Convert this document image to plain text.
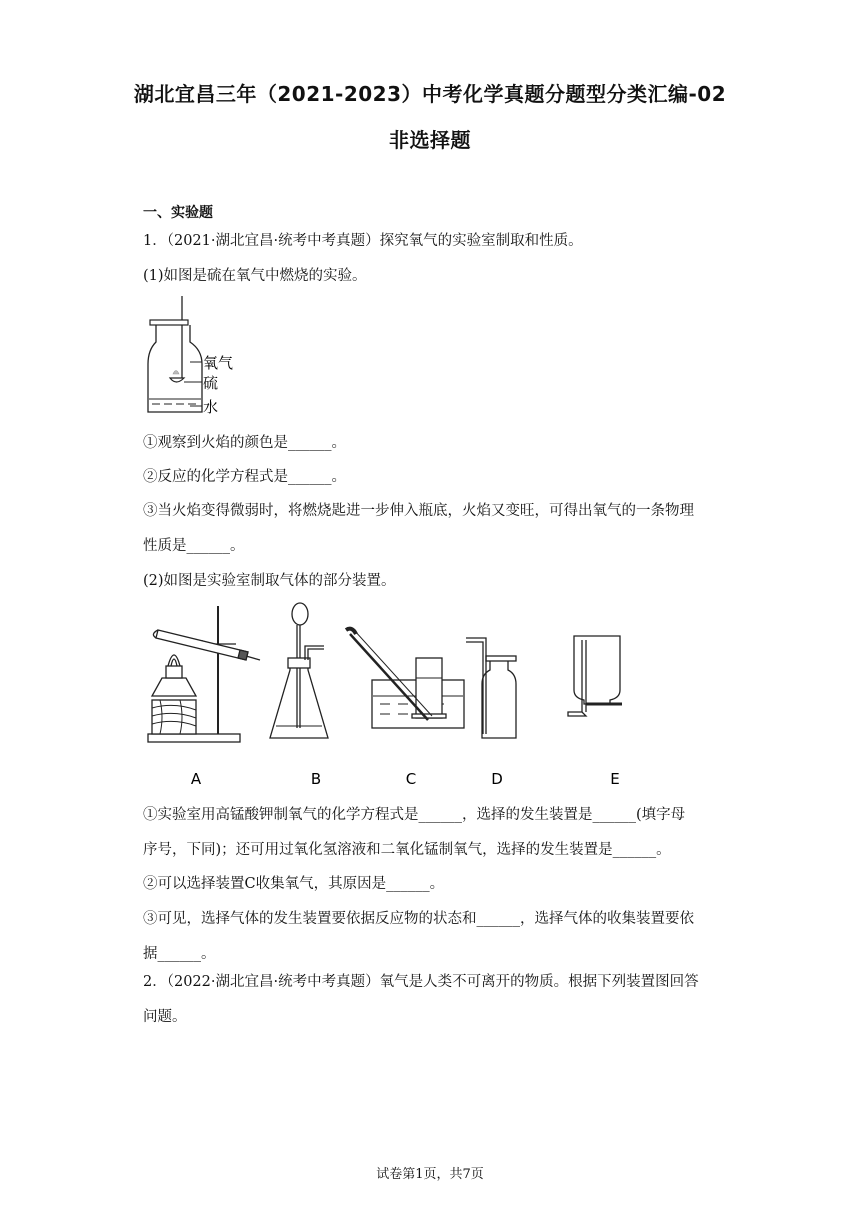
湖北宜昌三年（2021-2023）中考化学真题分题型分类汇编-02
非选择题
一、实验题
1．（2021·湖北宜昌·统考中考真题）探究氧气的实验室制取和性质。
(1)如图是硫在氧气中燃烧的实验。
氧气
硫
水
①观察到火焰的颜色是______。
②反应的化学方程式是______。
③当火焰变得微弱时，将燃烧匙进一步伸入瓶底，火焰又变旺，可得出氧气的一条物理
性质是______。
(2)如图是实验室制取气体的部分装置。
A	B	C	D	E
①实验室用高锰酸钾制氧气的化学方程式是______，选择的发生装置是______(填字母
序号，下同)；还可用过氧化氢溶液和二氧化锰制氧气，选择的发生装置是______。
②可以选择装置C收集氧气，其原因是______。
③可见，选择气体的发生装置要依据反应物的状态和______，选择气体的收集装置要依
据______。
2．（2022·湖北宜昌·统考中考真题）氧气是人类不可离开的物质。根据下列装置图回答
问题。
试卷第1页，共7页
